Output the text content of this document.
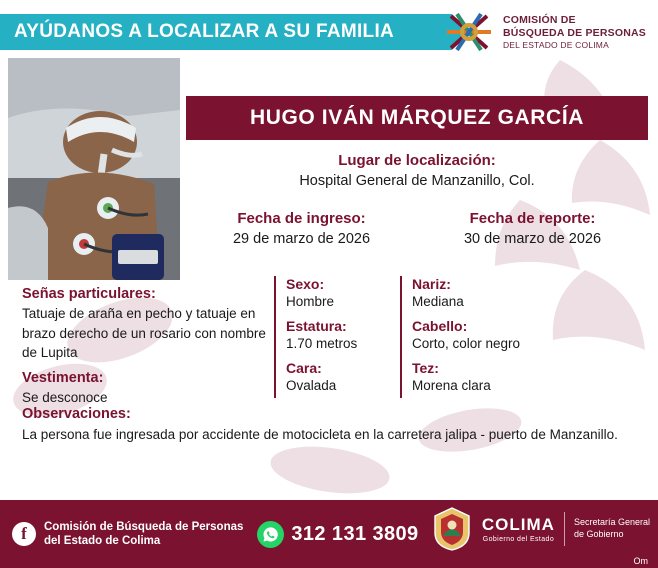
AYÚDANOS A LOCALIZAR A SU FAMILIA
COMISIÓN DE
BÚSQUEDA DE PERSONAS
DEL ESTADO DE COLIMA
HUGO IVÁN MÁRQUEZ GARCÍA
Lugar de localización:
Hospital General de Manzanillo, Col.
Fecha de ingreso:
29 de marzo de 2026
Fecha de reporte:
30 de marzo de 2026
Señas particulares:
Tatuaje de araña en pecho y tatuaje en brazo derecho de un rosario con nombre de Lupita
Vestimenta:
Se desconoce
Sexo:
Hombre
Estatura:
1.70 metros
Cara:
Ovalada
Nariz:
Mediana
Cabello:
Corto, color negro
Tez:
Morena clara
Observaciones:
La persona fue ingresada por accidente de motocicleta en la carretera jalipa - puerto de Manzanillo.
f	Comisión de Búsqueda de Personas
del Estado de Colima	312 131 3809	COLIMA
Gobierno del Estado
Secretaría General
de Gobierno
Om
